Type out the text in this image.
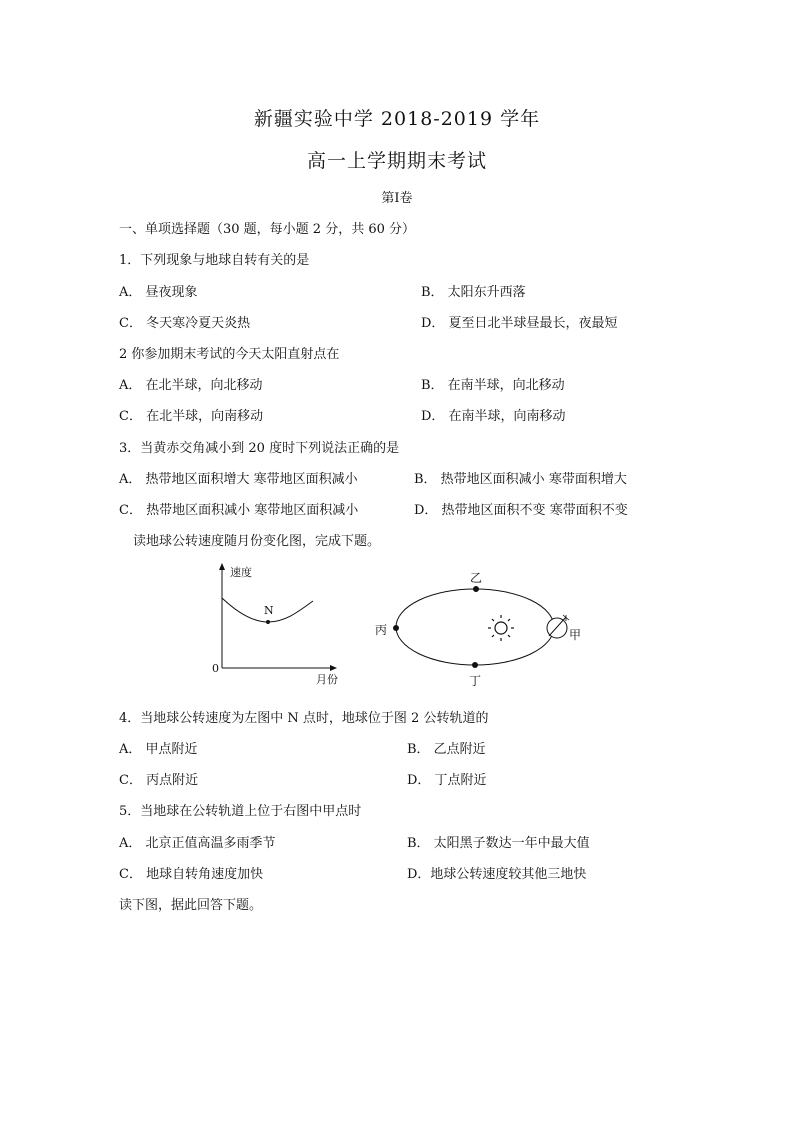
新疆实验中学 2018-2019 学年
高一上学期期末考试
第Ⅰ卷
一、单项选择题（30 题，每小题 2 分，共 60 分）
1．下列现象与地球自转有关的是
A． 昼夜现象	B． 太阳东升西落
C． 冬天寒冷夏天炎热	D． 夏至日北半球昼最长，夜最短
2 你参加期末考试的今天太阳直射点在
A． 在北半球，向北移动	B． 在南半球，向北移动
C． 在北半球，向南移动	D． 在南半球，向南移动
3．当黄赤交角减小到 20 度时下列说法正确的是
A． 热带地区面积增大 寒带地区面积减小	B． 热带地区面积减小 寒带面积增大
C． 热带地区面积减小 寒带地区面积减小	D． 热带地区面积不变 寒带面积不变
读地球公转速度随月份变化图，完成下题。
速度
N
0
月份
乙
丙	甲
丁
4．当地球公转速度为左图中 N 点时，地球位于图 2 公转轨道的
A． 甲点附近	B． 乙点附近
C． 丙点附近	D． 丁点附近
5．当地球在公转轨道上位于右图中甲点时
A． 北京正值高温多雨季节	B． 太阳黑子数达一年中最大值
C． 地球自转角速度加快	D．地球公转速度较其他三地快
读下图，据此回答下题。
